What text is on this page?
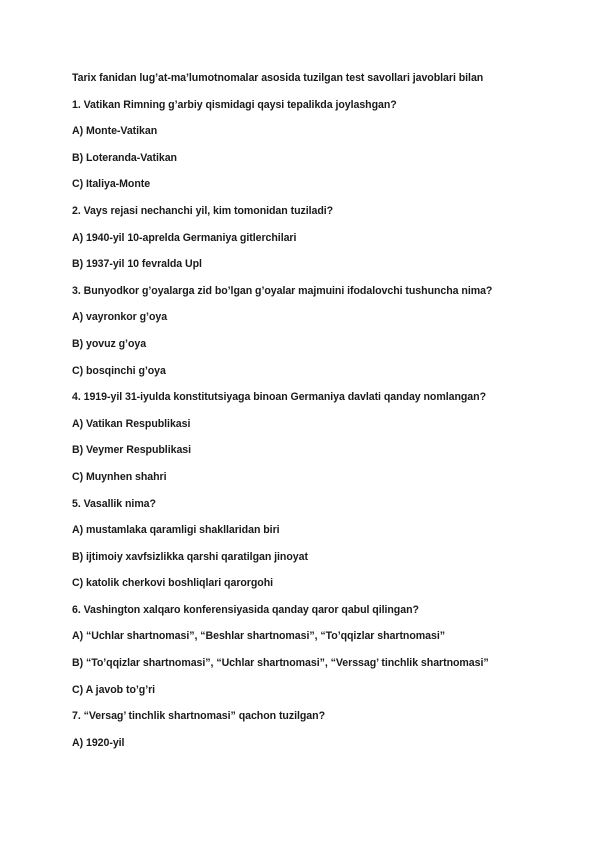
Tarix fanidan lug’at-ma’lumotnomalar asosida tuzilgan test savollari javoblari bilan
1. Vatikan Rimning g’arbiy qismidagi qaysi tepalikda joylashgan?
A) Monte-Vatikan
B) Loteranda-Vatikan
C) Italiya-Monte
2. Vays rejasi nechanchi yil, kim tomonidan tuziladi?
A) 1940-yil 10-aprelda Germaniya gitlerchilari
B) 1937-yil 10 fevralda Upl
3. Bunyodkor g’oyalarga zid bo’lgan g’oyalar majmuini ifodalovchi tushuncha nima?
A) vayronkor g’oya
B) yovuz g’oya
C) bosqinchi g’oya
4. 1919-yil 31-iyulda konstitutsiyaga binoan Germaniya davlati qanday nomlangan?
A) Vatikan Respublikasi
B) Veymer Respublikasi
C) Muynhen shahri
5. Vasallik nima?
A) mustamlaka qaramligi shakllaridan biri
B) ijtimoiy xavfsizlikka qarshi qaratilgan jinoyat
C) katolik cherkovi boshliqlari qarorgohi
6. Vashington xalqaro konferensiyasida qanday qaror qabul qilingan?
A) “Uchlar shartnomasi”, “Beshlar shartnomasi”, “To’qqizlar shartnomasi”
B) “To’qqizlar shartnomasi”, “Uchlar shartnomasi”, “Verssag’ tinchlik shartnomasi”
C) A javob to’g’ri
7. “Versag’ tinchlik shartnomasi” qachon tuzilgan?
A) 1920-yil
